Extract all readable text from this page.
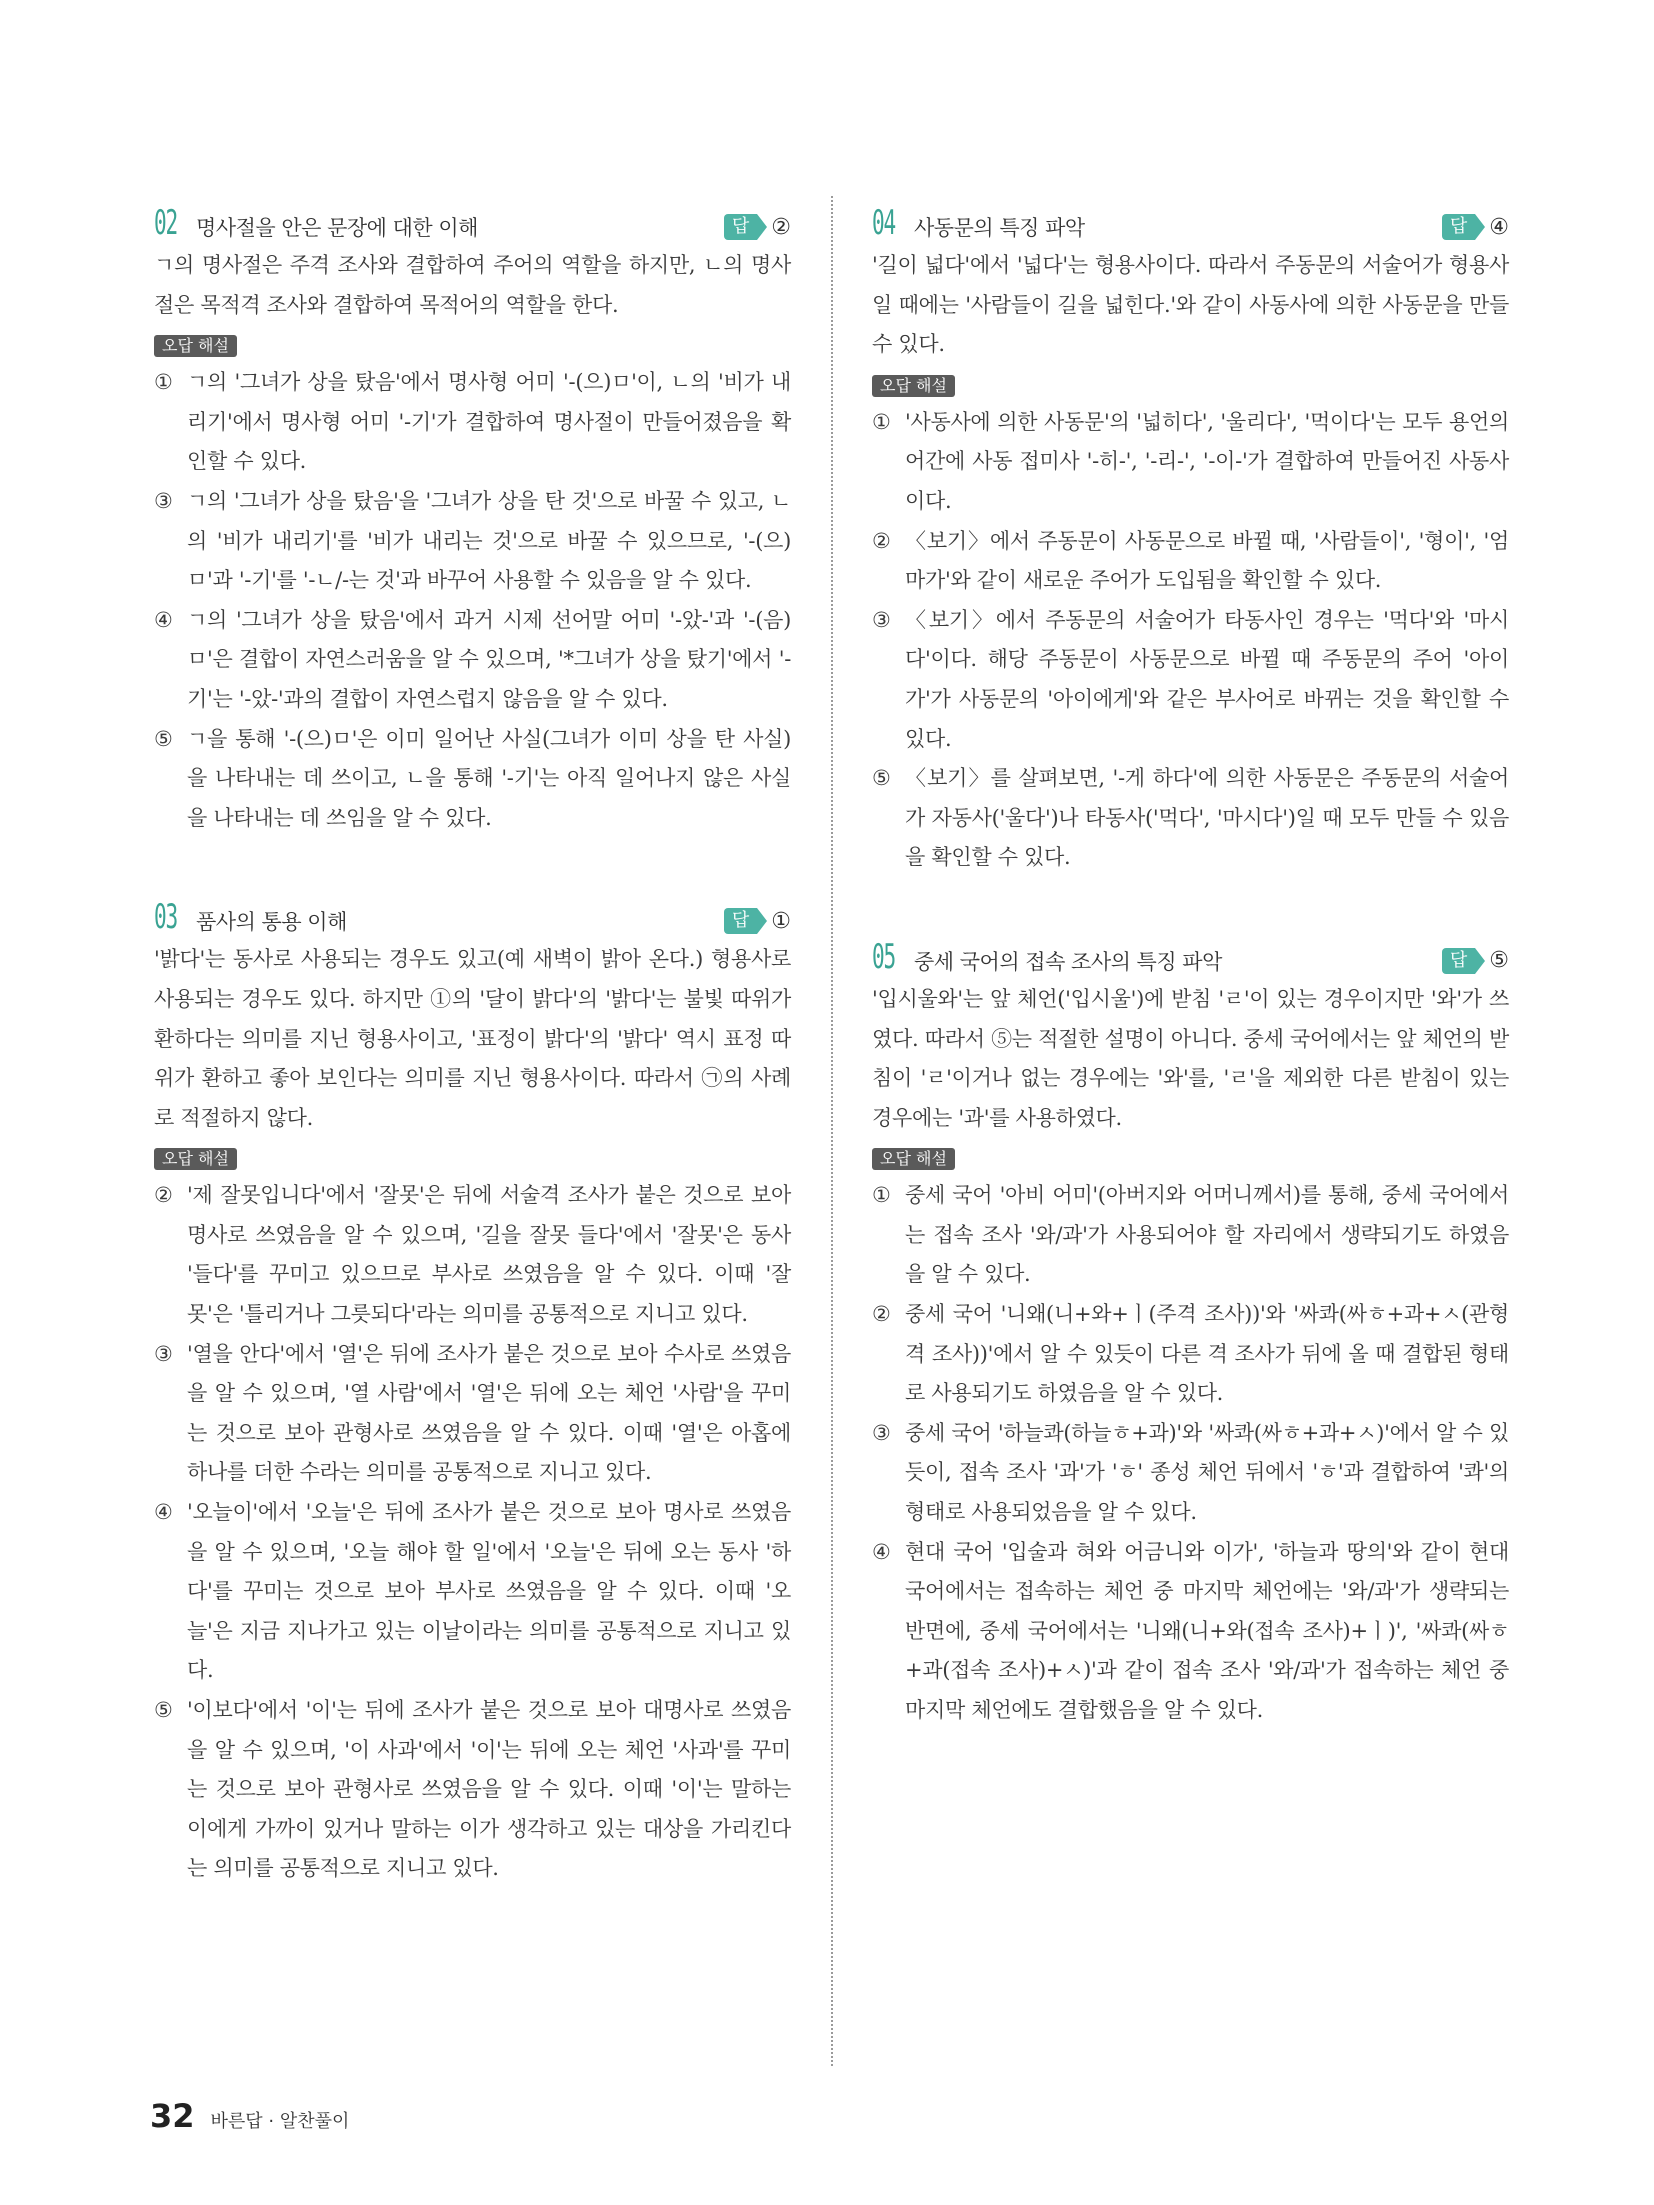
02 명사절을 안은 문장에 대한 이해	답	②

ㄱ의 명사절은 주격 조사와 결합하여 주어의 역할을 하지만, ㄴ의 명사절은 목적격 조사와 결합하여 목적어의 역할을 한다.

오답 해설
① ㄱ의 '그녀가 상을 탔음'에서 명사형 어미 '-(으)ㅁ'이, ㄴ의 '비가 내리기'에서 명사형 어미 '-기'가 결합하여 명사절이 만들어졌음을 확인할 수 있다.
③ ㄱ의 '그녀가 상을 탔음'을 '그녀가 상을 탄 것'으로 바꿀 수 있고, ㄴ의 '비가 내리기'를 '비가 내리는 것'으로 바꿀 수 있으므로, '-(으)ㅁ'과 '-기'를 '-ㄴ/-는 것'과 바꾸어 사용할 수 있음을 알 수 있다.
④ ㄱ의 '그녀가 상을 탔음'에서 과거 시제 선어말 어미 '-았-'과 '-(음)ㅁ'은 결합이 자연스러움을 알 수 있으며, '*그녀가 상을 탔기'에서 '-기'는 '-았-'과의 결합이 자연스럽지 않음을 알 수 있다.
⑤ ㄱ을 통해 '-(으)ㅁ'은 이미 일어난 사실(그녀가 이미 상을 탄 사실)을 나타내는 데 쓰이고, ㄴ을 통해 '-기'는 아직 일어나지 않은 사실을 나타내는 데 쓰임을 알 수 있다.
03 품사의 통용 이해	답	①

'밝다'는 동사로 사용되는 경우도 있고(예 새벽이 밝아 온다.) 형용사로 사용되는 경우도 있다. 하지만 ①의 '달이 밝다'의 '밝다'는 불빛 따위가 환하다는 의미를 지닌 형용사이고, '표정이 밝다'의 '밝다' 역시 표정 따위가 환하고 좋아 보인다는 의미를 지닌 형용사이다. 따라서 ㉠의 사례로 적절하지 않다.

오답 해설
② '제 잘못입니다'에서 '잘못'은 뒤에 서술격 조사가 붙은 것으로 보아 명사로 쓰였음을 알 수 있으며, '길을 잘못 들다'에서 '잘못'은 동사 '들다'를 꾸미고 있으므로 부사로 쓰였음을 알 수 있다. 이때 '잘못'은 '틀리거나 그릇되다'라는 의미를 공통적으로 지니고 있다.
③ '열을 안다'에서 '열'은 뒤에 조사가 붙은 것으로 보아 수사로 쓰였음을 알 수 있으며, '열 사람'에서 '열'은 뒤에 오는 체언 '사람'을 꾸미는 것으로 보아 관형사로 쓰였음을 알 수 있다. 이때 '열'은 아홉에 하나를 더한 수라는 의미를 공통적으로 지니고 있다.
④ '오늘이'에서 '오늘'은 뒤에 조사가 붙은 것으로 보아 명사로 쓰였음을 알 수 있으며, '오늘 해야 할 일'에서 '오늘'은 뒤에 오는 동사 '하다'를 꾸미는 것으로 보아 부사로 쓰였음을 알 수 있다. 이때 '오늘'은 지금 지나가고 있는 이날이라는 의미를 공통적으로 지니고 있다.
⑤ '이보다'에서 '이'는 뒤에 조사가 붙은 것으로 보아 대명사로 쓰였음을 알 수 있으며, '이 사과'에서 '이'는 뒤에 오는 체언 '사과'를 꾸미는 것으로 보아 관형사로 쓰였음을 알 수 있다. 이때 '이'는 말하는 이에게 가까이 있거나 말하는 이가 생각하고 있는 대상을 가리킨다는 의미를 공통적으로 지니고 있다.
04 사동문의 특징 파악	답	④

'길이 넓다'에서 '넓다'는 형용사이다. 따라서 주동문의 서술어가 형용사일 때에는 '사람들이 길을 넓힌다.'와 같이 사동사에 의한 사동문을 만들 수 있다.

오답 해설
① '사동사에 의한 사동문'의 '넓히다', '울리다', '먹이다'는 모두 용언의 어간에 사동 접미사 '-히-', '-리-', '-이-'가 결합하여 만들어진 사동사이다.
② 〈보기〉에서 주동문이 사동문으로 바뀔 때, '사람들이', '형이', '엄마가'와 같이 새로운 주어가 도입됨을 확인할 수 있다.
③ 〈보기〉에서 주동문의 서술어가 타동사인 경우는 '먹다'와 '마시다'이다. 해당 주동문이 사동문으로 바뀔 때 주동문의 주어 '아이가'가 사동문의 '아이에게'와 같은 부사어로 바뀌는 것을 확인할 수 있다.
⑤ 〈보기〉를 살펴보면, '-게 하다'에 의한 사동문은 주동문의 서술어가 자동사('울다')나 타동사('먹다', '마시다')일 때 모두 만들 수 있음을 확인할 수 있다.
05 중세 국어의 접속 조사의 특징 파악	답	⑤

'입시울와'는 앞 체언('입시울')에 받침 'ㄹ'이 있는 경우이지만 '와'가 쓰였다. 따라서 ⑤는 적절한 설명이 아니다. 중세 국어에서는 앞 체언의 받침이 'ㄹ'이거나 없는 경우에는 '와'를, 'ㄹ'을 제외한 다른 받침이 있는 경우에는 '과'를 사용하였다.

오답 해설
① 중세 국어 '아비 어미'(아버지와 어머니께서)를 통해, 중세 국어에서는 접속 조사 '와/과'가 사용되어야 할 자리에서 생략되기도 하였음을 알 수 있다.
② 중세 국어 '니왜(니+와+ㅣ(주격 조사))'와 '싸콰(싸ㅎ+과+ㅅ(관형격 조사))'에서 알 수 있듯이 다른 격 조사가 뒤에 올 때 결합된 형태로 사용되기도 하였음을 알 수 있다.
③ 중세 국어 '하늘콰(하늘ㅎ+과)'와 '싸콰(싸ㅎ+과+ㅅ)'에서 알 수 있듯이, 접속 조사 '과'가 'ㅎ' 종성 체언 뒤에서 'ㅎ'과 결합하여 '콰'의 형태로 사용되었음을 알 수 있다.
④ 현대 국어 '입술과 혀와 어금니와 이가', '하늘과 땅의'와 같이 현대 국어에서는 접속하는 체언 중 마지막 체언에는 '와/과'가 생략되는 반면에, 중세 국어에서는 '니왜(니+와(접속 조사)+ㅣ)', '싸콰(싸ㅎ+과(접속 조사)+ㅅ)'과 같이 접속 조사 '와/과'가 접속하는 체언 중 마지막 체언에도 결합했음을 알 수 있다.
32 바른답 · 알찬풀이
